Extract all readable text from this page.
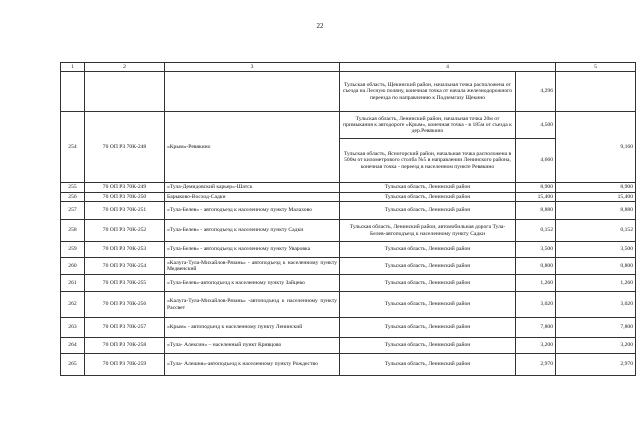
22
1	2	3	4		5
			Тульская область, Щекинский район, начальная точка расположена от съезда на Лесную поляну, конечная точка от начала железнодорожного переезда по направлению к Подземгазу Щекино	4,296	
254	70 ОП РЗ 70К-248	«Крым»-Ревякино	Тульская область, Ленинский район, начальная точка 20м от примыкания к автодороге «Крым», конечная точка - в 185м от съезда к дер.Ревякино	4,500	9,160
			Тульская область, Ясногорский район, начальная точка расположена в 500м от километрового столба №5 в направлении Ленинского района, конечная точка - переезд в населенном пункте Ревякино	4,660	
255	70 ОП РЗ 70К-249	«Тула-Демидовский карьер»-Шатск	Тульская область, Ленинский район	8,900	8,900
256	70 ОП РЗ 70К-250	Барыково-Восход-Садки	Тульская область, Ленинский район	15,400	15,400
257	70 ОП РЗ 70К-251	«Тула-Белев» - автоподъезд к населенному пункту Малахово	Тульская область, Ленинский район	8,880	8,880
258	70 ОП РЗ 70К-252	«Тула-Белев» - автоподъезд к населенному пункту Садки	Тульская область, Ленинский район, автомобильная дорога Тула-Белев-автоподъезд к населенному пункту Садки	0,152	0,152
259	70 ОП РЗ 70К-253	«Тула-Белев» - автоподъезд к населенному пункту Уваровка	Тульская область, Ленинский район	3,500	3,500
260	70 ОП РЗ 70К-254	«Калуга-Тула-Михайлов-Рязань» - автоподъезд к населенному пункту Медвенский	Тульская область, Ленинский район	0,800	0,800
261	70 ОП РЗ 70К-255	«Тула-Белев»-автоподъезд к населенному пункту Зайцево	Тульская область, Ленинский район	1,260	1,260
262	70 ОП РЗ 70К-256	«Калуга-Тула-Михайлов-Рязань» -автоподъезд к населенному пункту Рассвет	Тульская область, Ленинский район	3,020	3,020
263	70 ОП РЗ 70К-257	«Крым» - автоподъезд к населенному пункту Ленинский	Тульская область, Ленинский район	7,800	7,800
264	70 ОП РЗ 70К-258	«Тула- Алексин» – населенный пункт Кривцово	Тульская область, Ленинский район	3,200	3,200
265	70 ОП РЗ 70К-259	«Тула- Алешня»-автоподъезд к населенному пункту Рождество	Тульская область, Ленинский район	2,970	2,970
